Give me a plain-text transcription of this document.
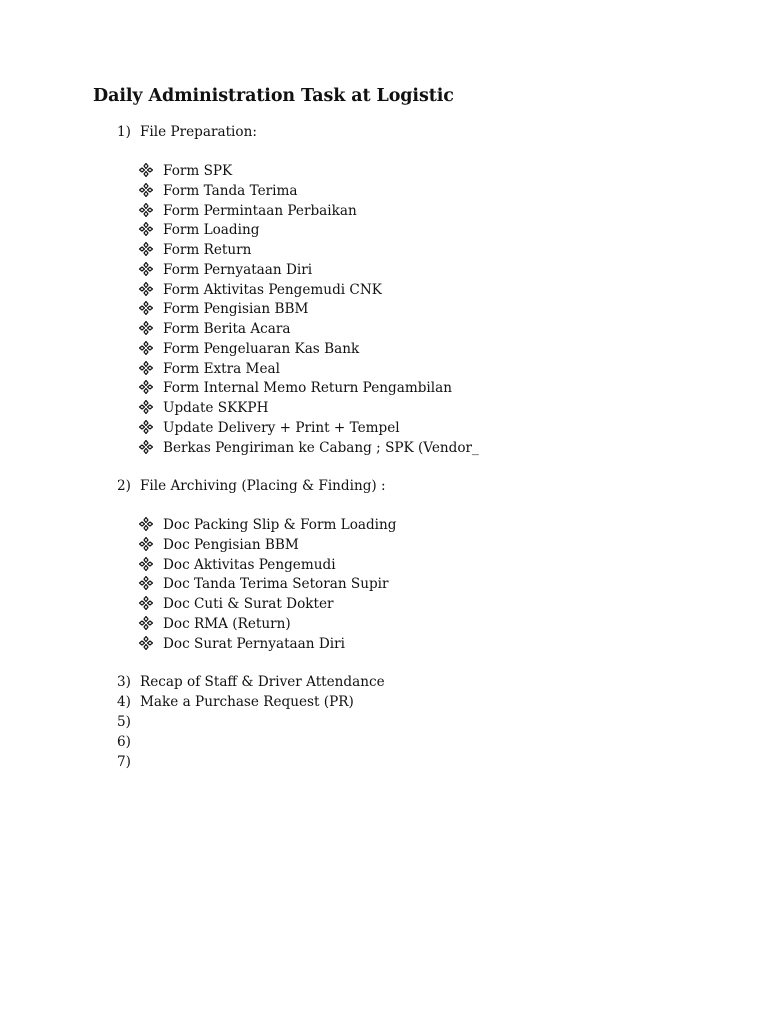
Daily Administration Task at Logistic
1) File Preparation:
Form SPK
Form Tanda Terima
Form Permintaan Perbaikan
Form Loading
Form Return
Form Pernyataan Diri
Form Aktivitas Pengemudi CNK
Form Pengisian BBM
Form Berita Acara
Form Pengeluaran Kas Bank
Form Extra Meal
Form Internal Memo Return Pengambilan
Update SKKPH
Update Delivery + Print + Tempel
Berkas Pengiriman ke Cabang ; SPK (Vendor_
2) File Archiving (Placing & Finding) :
Doc Packing Slip & Form Loading
Doc Pengisian BBM
Doc Aktivitas Pengemudi
Doc Tanda Terima Setoran Supir
Doc Cuti & Surat Dokter
Doc RMA (Return)
Doc Surat Pernyataan Diri
3) Recap of Staff & Driver Attendance
4) Make a Purchase Request (PR)
5)
6)
7)
